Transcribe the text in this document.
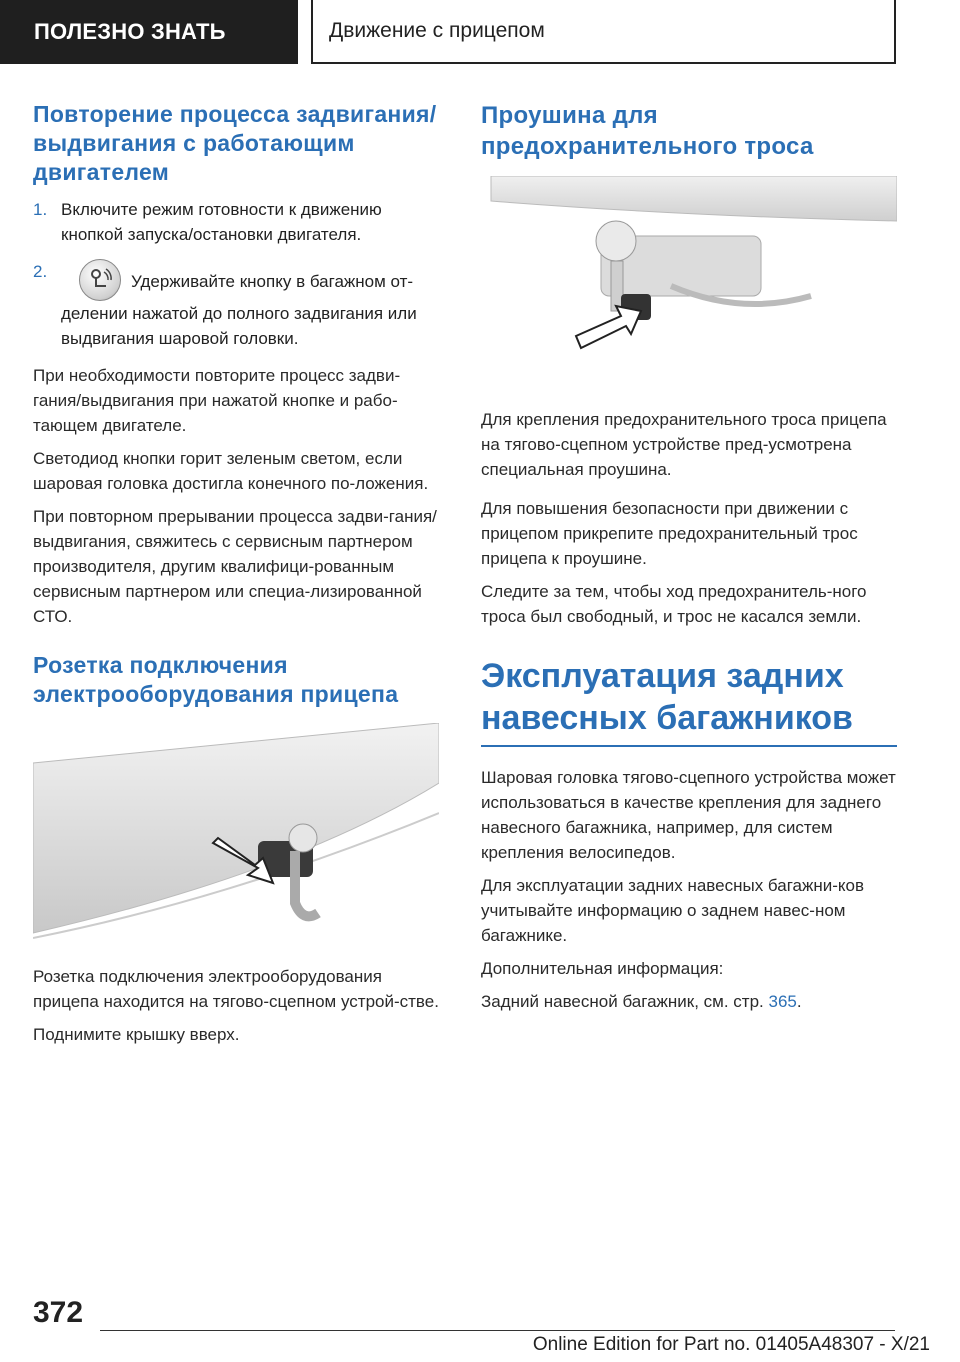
ПОЛЕЗНО ЗНАТЬ	Движение с прицепом
Повторение процесса задвигания/выдвигания с работающим двигателем
1. Включите режим готовности к движению кнопкой запуска/остановки двигателя.
2.
Удерживайте кнопку в багажном от-делении нажатой до полного задвигания или выдвигания шаровой головки.

При необходимости повторите процесс задви-гания/выдвигания при нажатой кнопке и рабо-тающем двигателе.

Светодиод кнопки горит зеленым светом, если шаровая головка достигла конечного по-ложения.

При повторном прерывании процесса задви-гания/выдвигания, свяжитесь с сервисным партнером производителя, другим квалифици-рованным сервисным партнером или специа-лизированной СТО.

Розетка подключения электрооборудования прицепа

Розетка подключения электрооборудования прицепа находится на тягово-сцепном устрой-стве.

Поднимите крышку вверх.

Проушина для предохранительного троса

Для крепления предохранительного троса прицепа на тягово-сцепном устройстве пред-усмотрена специальная проушина.

Для повышения безопасности при движении с прицепом прикрепите предохранительный трос прицепа к проушине.

Следите за тем, чтобы ход предохранитель-ного троса был свободный, и трос не касался земли.

Эксплуатация задних навесных багажников

Шаровая головка тягово-сцепного устройства может использоваться в качестве крепления для заднего навесного багажника, например, для систем крепления велосипедов.

Для эксплуатации задних навесных багажни-ков учитывайте информацию о заднем навес-ном багажнике.

Дополнительная информация:

Задний навесной багажник, см. стр. 365.

372
Online Edition for Part no. 01405A48307 - X/21
